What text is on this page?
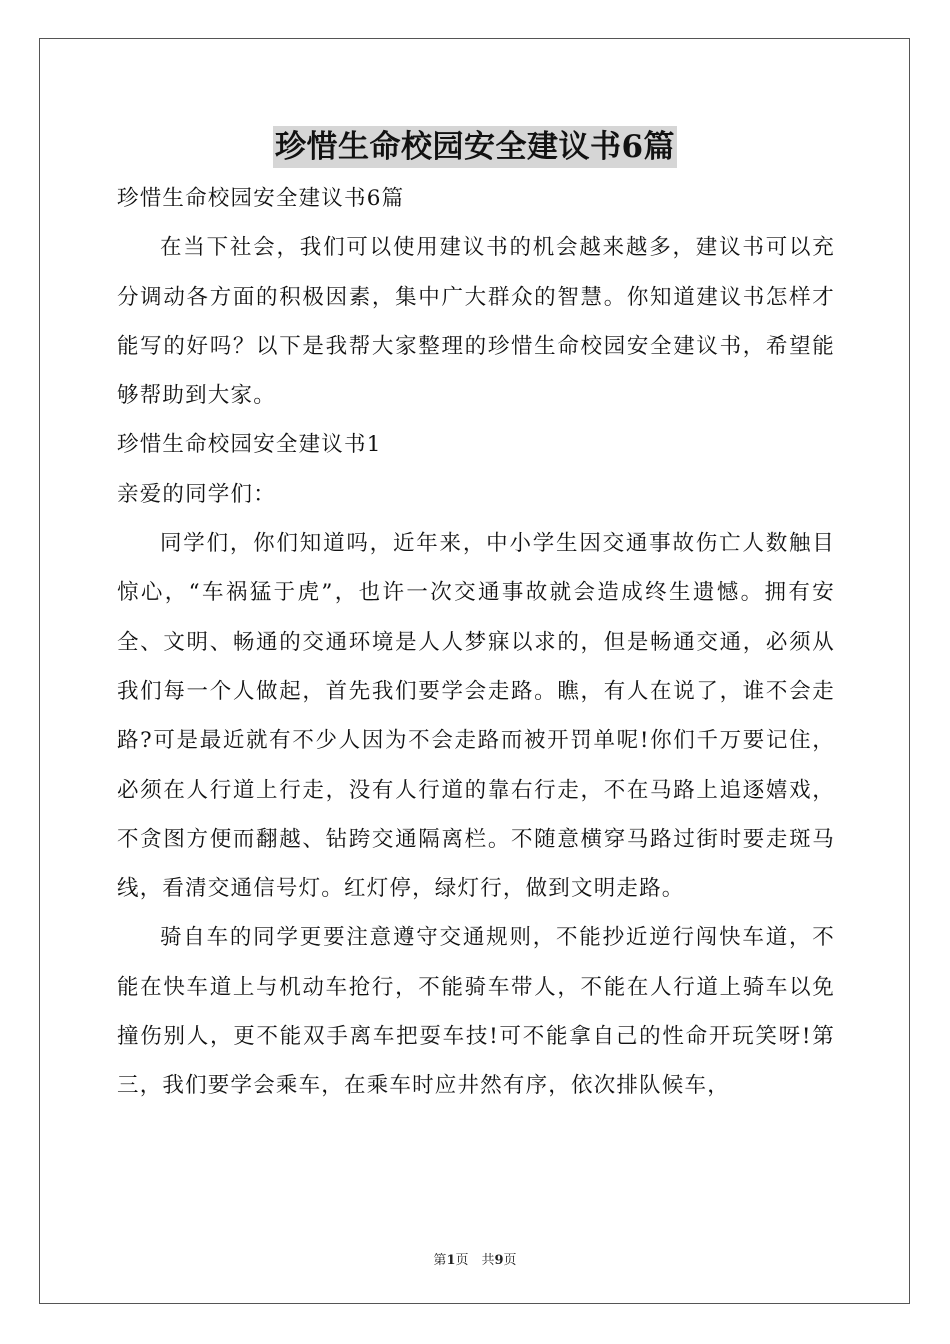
珍惜生命校园安全建议书6篇
珍惜生命校园安全建议书6篇

在当下社会，我们可以使用建议书的机会越来越多，建议书可以充分调动各方面的积极因素，集中广大群众的智慧。你知道建议书怎样才能写的好吗？以下是我帮大家整理的珍惜生命校园安全建议书，希望能够帮助到大家。

珍惜生命校园安全建议书1
亲爱的同学们：

同学们，你们知道吗，近年来，中小学生因交通事故伤亡人数触目惊心，“车祸猛于虎”，也许一次交通事故就会造成终生遗憾。拥有安全、文明、畅通的交通环境是人人梦寐以求的，但是畅通交通，必须从我们每一个人做起，首先我们要学会走路。瞧，有人在说了，谁不会走路?可是最近就有不少人因为不会走路而被开罚单呢!你们千万要记住，必须在人行道上行走，没有人行道的靠右行走，不在马路上追逐嬉戏，不贪图方便而翻越、钻跨交通隔离栏。不随意横穿马路过街时要走斑马线，看清交通信号灯。红灯停，绿灯行，做到文明走路。

骑自车的同学更要注意遵守交通规则，不能抄近逆行闯快车道，不能在快车道上与机动车抢行，不能骑车带人，不能在人行道上骑车以免撞伤别人，更不能双手离车把耍车技!可不能拿自己的性命开玩笑呀!第三，我们要学会乘车，在乘车时应井然有序，依次排队候车，

第1页　共9页
